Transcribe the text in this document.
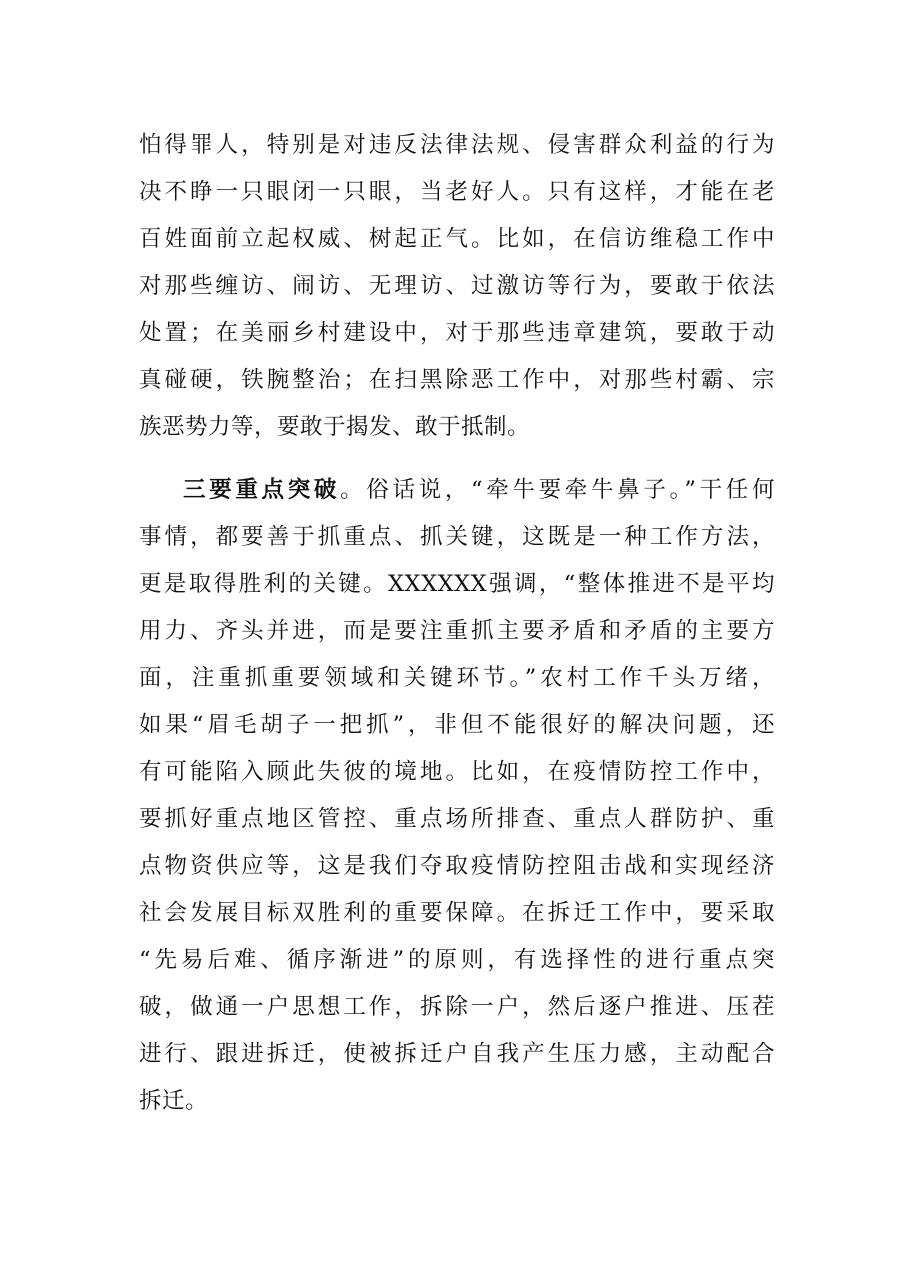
怕得罪人，特别是对违反法律法规、侵害群众利益的行为
决不睁一只眼闭一只眼，当老好人。只有这样，才能在老
百姓面前立起权威、树起正气。比如，在信访维稳工作中
对那些缠访、闹访、无理访、过激访等行为，要敢于依法
处置；在美丽乡村建设中，对于那些违章建筑，要敢于动
真碰硬，铁腕整治；在扫黑除恶工作中，对那些村霸、宗
族恶势力等，要敢于揭发、敢于抵制。
三要重点突破。俗话说，“牵牛要牵牛鼻子。”干任何
事情，都要善于抓重点、抓关键，这既是一种工作方法，
更是取得胜利的关键。XXXXXX强调，“整体推进不是平均
用力、齐头并进，而是要注重抓主要矛盾和矛盾的主要方
面，注重抓重要领域和关键环节。”农村工作千头万绪，
如果“眉毛胡子一把抓”，非但不能很好的解决问题，还
有可能陷入顾此失彼的境地。比如，在疫情防控工作中，
要抓好重点地区管控、重点场所排查、重点人群防护、重
点物资供应等，这是我们夺取疫情防控阻击战和实现经济
社会发展目标双胜利的重要保障。在拆迁工作中，要采取
“先易后难、循序渐进”的原则，有选择性的进行重点突
破，做通一户思想工作，拆除一户，然后逐户推进、压茬
进行、跟进拆迁，使被拆迁户自我产生压力感，主动配合
拆迁。
